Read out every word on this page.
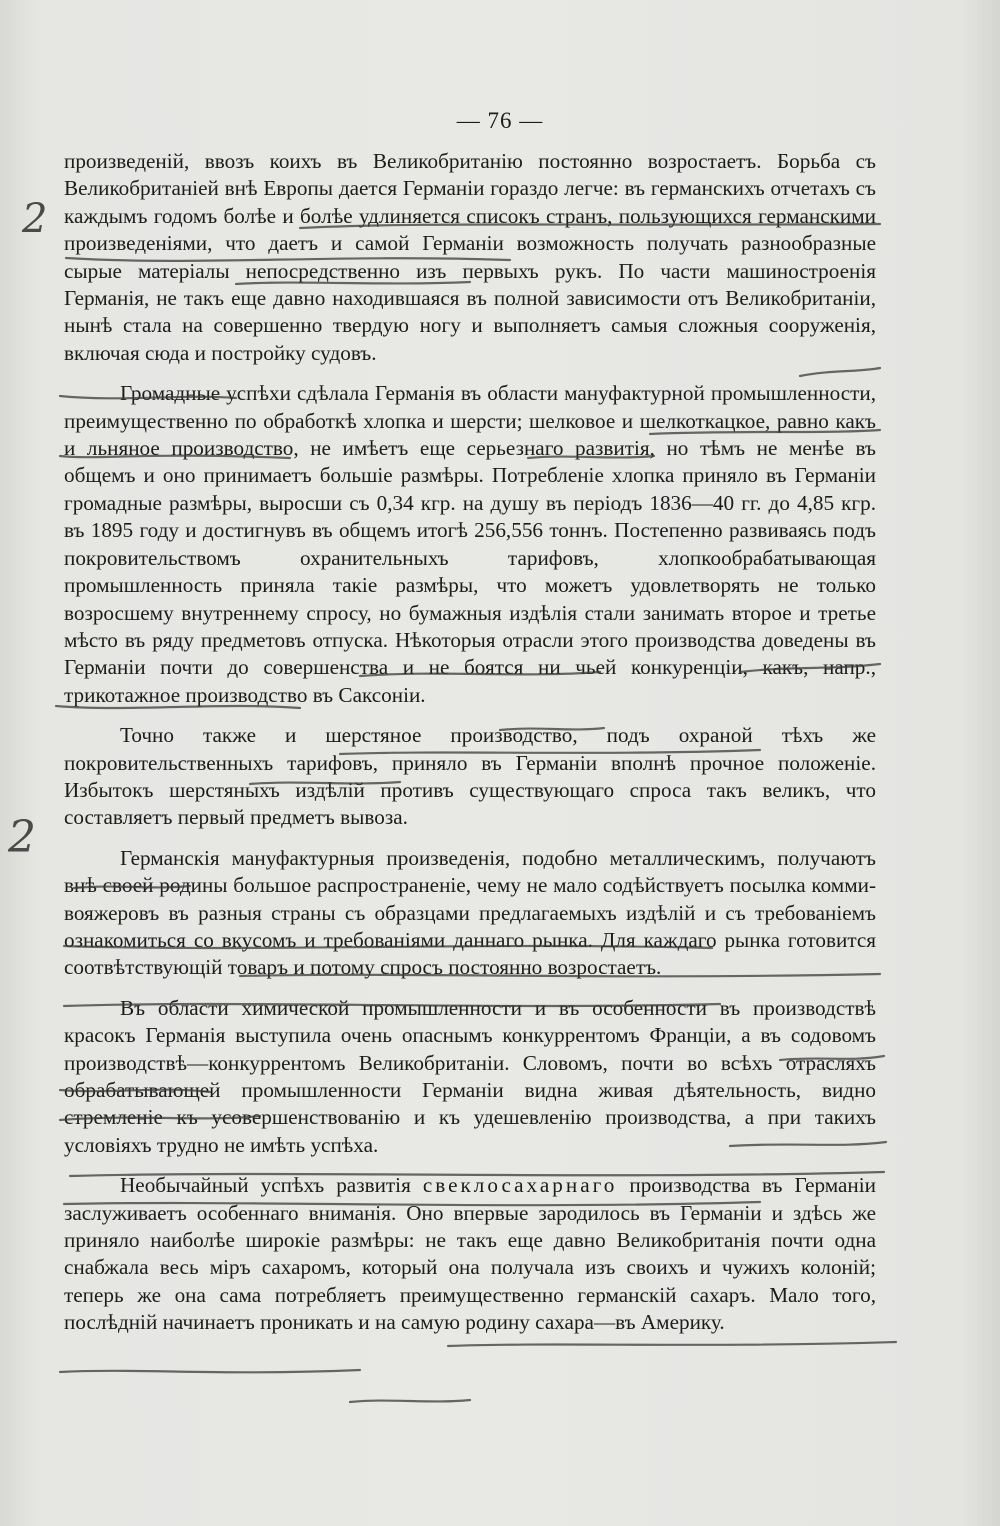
— 76 —
2
2

произведеній, ввозъ коихъ въ Великобританію постоянно возростаетъ. Борьба съ Великобританіей внѣ Европы дается Германіи гораздо легче: въ германскихъ отчетахъ съ каждымъ годомъ болѣе и болѣе удлиняется списокъ странъ, пользующихся германскими произведеніями, что даетъ и самой Германіи возможность получать разнообразные сырые матеріалы непосредственно изъ первыхъ рукъ. По части машиностроенія Германія, не такъ еще давно находившаяся въ полной зависимости отъ Великобританіи, нынѣ стала на совершенно твердую ногу и выполняетъ самыя сложныя сооруженія, включая сюда и постройку судовъ.

Громадные успѣхи сдѣлала Германія въ области мануфактурной промышленности, преимущественно по обработкѣ хлопка и шерсти; шелковое и шелкоткацкое, равно какъ и льняное производство, не имѣетъ еще серьезнаго развитія, но тѣмъ не менѣе въ общемъ и оно принимаетъ большіе размѣры. Потребленіе хлопка приняло въ Германіи громадные размѣры, выросши съ 0,34 кгр. на душу въ періодъ 1836—40 гг. до 4,85 кгр. въ 1895 году и достигнувъ въ общемъ итогѣ 256,556 тоннъ. Постепенно развиваясь подъ покровительствомъ охранительныхъ тарифовъ, хлопкообрабатывающая промышленность приняла такіе размѣры, что можетъ удовлетворять не только возросшему внутреннему спросу, но бумажныя издѣлія стали занимать второе и третье мѣсто въ ряду предметовъ отпуска. Нѣкоторыя отрасли этого производства доведены въ Германіи почти до совершенства и не боятся ни чьей конкуренціи, какъ, напр., трикотажное производство въ Саксоніи.

Точно также и шерстяное производство, подъ охраной тѣхъ же покровительственныхъ тарифовъ, приняло въ Германіи вполнѣ прочное положеніе. Избытокъ шерстяныхъ издѣлій противъ существующаго спроса такъ великъ, что составляетъ первый предметъ вывоза.

Германскія мануфактурныя произведенія, подобно металлическимъ, получаютъ внѣ своей родины большое распространеніе, чему не мало содѣйствуетъ посылка комми-вояжеровъ въ разныя страны съ образцами предлагаемыхъ издѣлій и съ требованіемъ ознакомиться со вкусомъ и требованіями даннаго рынка. Для каждаго рынка готовится соотвѣтствующій товаръ и потому спросъ постоянно возростаетъ.

Въ области химической промышленности и въ особенности въ производствѣ красокъ Германія выступила очень опаснымъ конкуррентомъ Франціи, а въ содовомъ производствѣ—конкуррентомъ Великобританіи. Словомъ, почти во всѣхъ отрасляхъ обрабатывающей промышленности Германіи видна живая дѣятельность, видно стремленіе къ усовершенствованію и къ удешевленію производства, а при такихъ условіяхъ трудно не имѣть успѣха.

Необычайный успѣхъ развитія свеклосахарнаго производства въ Германіи заслуживаетъ особеннаго вниманія. Оно впервые зародилось въ Германіи и здѣсь же приняло наиболѣе широкіе размѣры: не такъ еще давно Великобританія почти одна снабжала весь міръ сахаромъ, который она получала изъ своихъ и чужихъ колоній; теперь же она сама потребляетъ преимущественно германскій сахаръ. Мало того, послѣдній начинаетъ проникать и на самую родину сахара—въ Америку.
